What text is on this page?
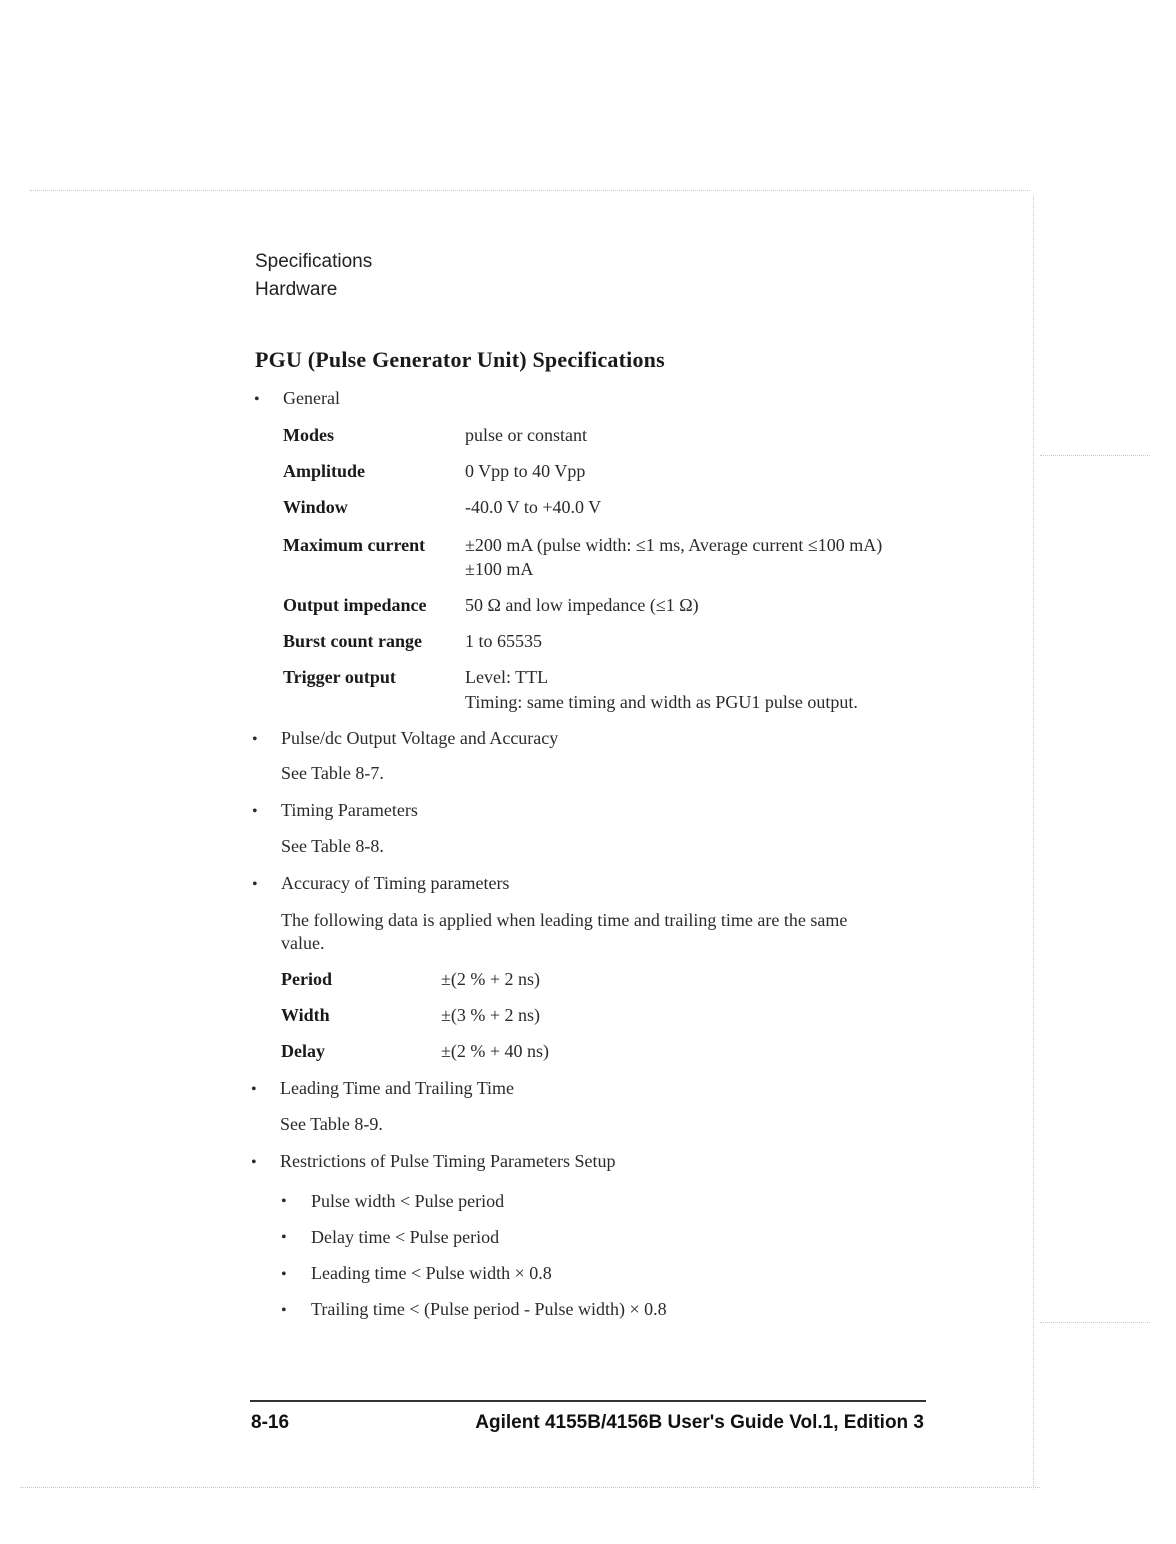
Specifications
Hardware
PGU (Pulse Generator Unit) Specifications
• General
Modes	pulse or constant
Amplitude	0 Vpp to 40 Vpp
Window	-40.0 V to +40.0 V
Maximum current ±200 mA (pulse width: ≤1 ms, Average current ≤100 mA)
±100 mA
Output impedance 50 Ω and low impedance (≤1 Ω)
Burst count range 1 to 65535
Trigger output	Level: TTL
Timing: same timing and width as PGU1 pulse output.
• Pulse/dc Output Voltage and Accuracy
See Table 8-7.
• Timing Parameters
See Table 8-8.
• Accuracy of Timing parameters
The following data is applied when leading time and trailing time are the same
value.
Period	±(2 % + 2 ns)
Width	±(3 % + 2 ns)
Delay	±(2 % + 40 ns)
• Leading Time and Trailing Time
See Table 8-9.
• Restrictions of Pulse Timing Parameters Setup
• Pulse width < Pulse period
• Delay time < Pulse period
• Leading time < Pulse width × 0.8
• Trailing time < (Pulse period - Pulse width) × 0.8
8-16	Agilent 4155B/4156B User's Guide Vol.1, Edition 3
